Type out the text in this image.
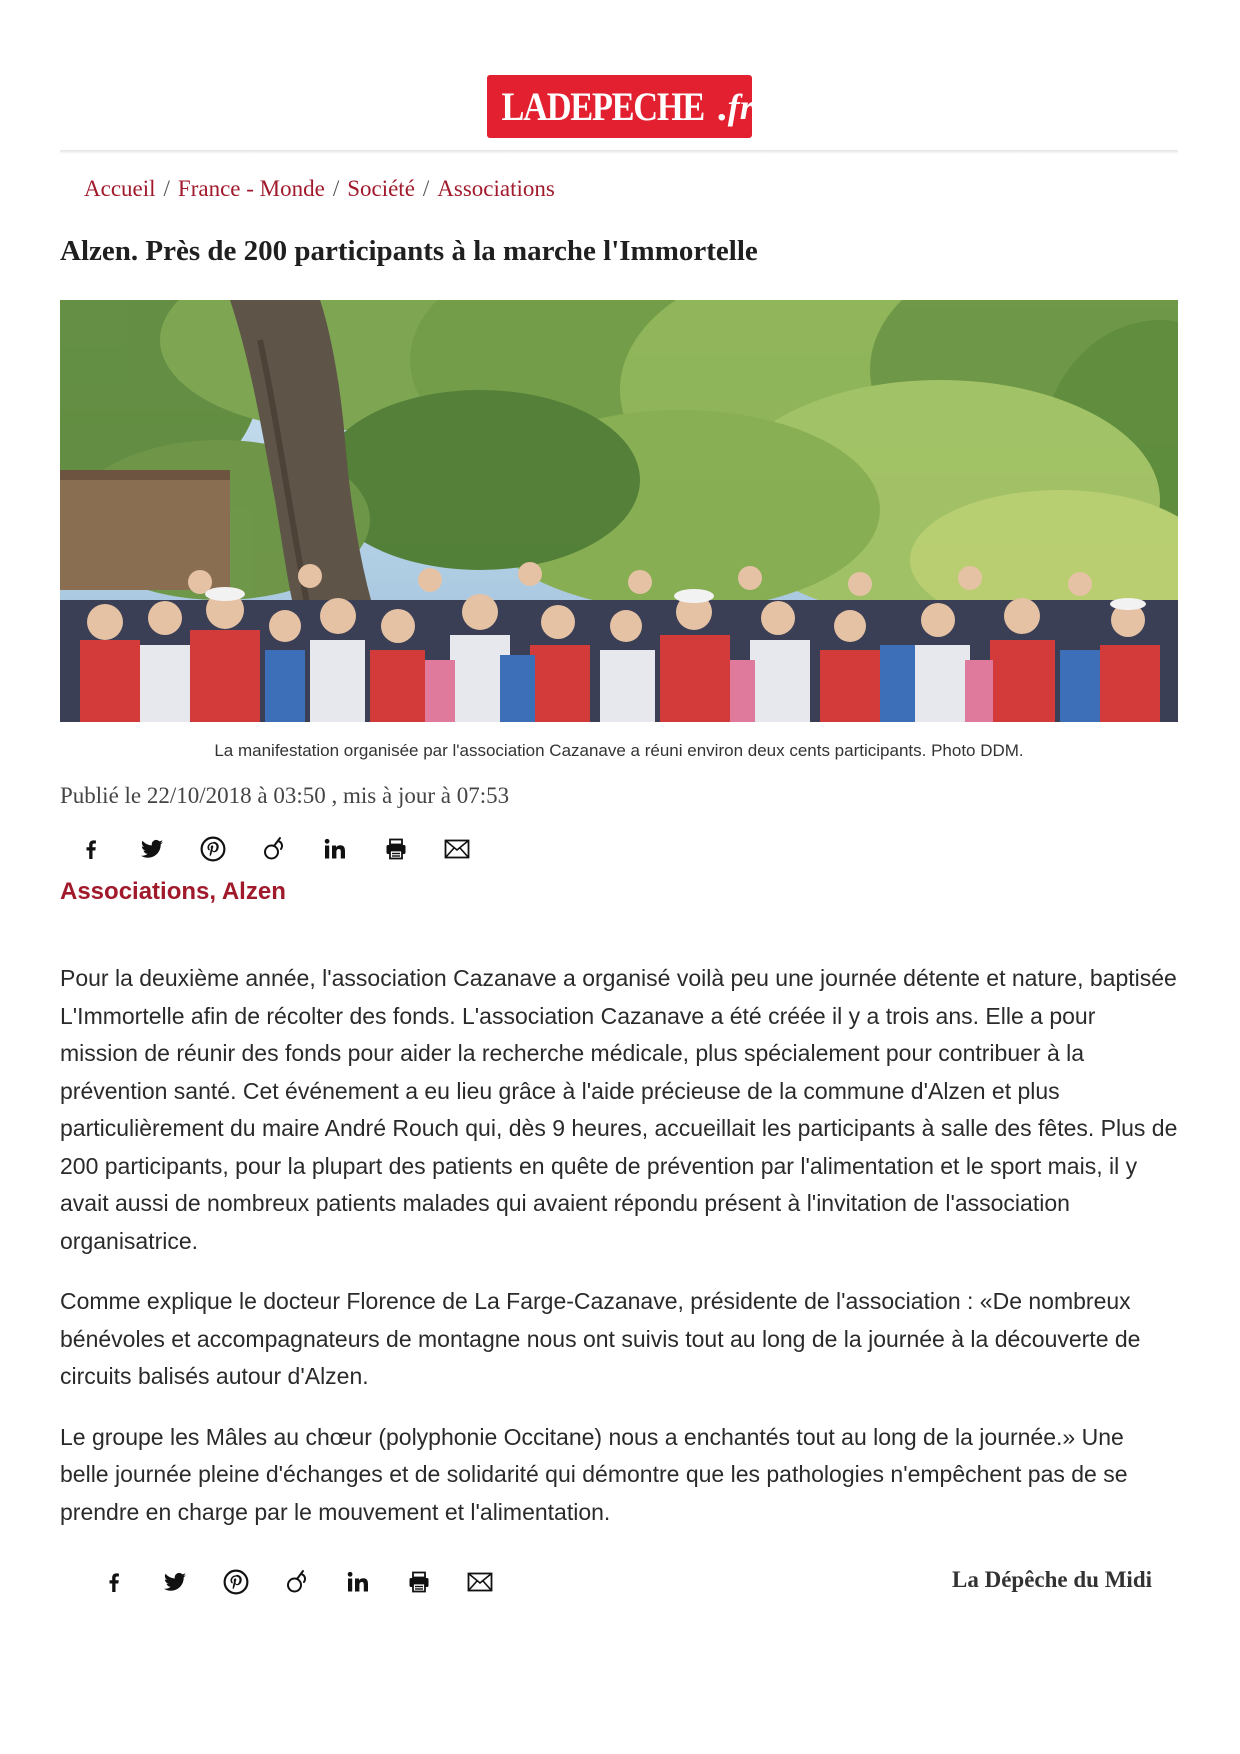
LADEPECHE . fr
Accueil / France - Monde / Société / Associations
Alzen. Près de 200 participants à la marche l'Immortelle

La manifestation organisée par l'association Cazanave a réuni environ deux cents participants. Photo DDM.

Publié le 22/10/2018 à 03:50 , mis à jour à 07:53

Associations, Alzen

Pour la deuxième année, l'association Cazanave a organisé voilà peu une journée détente et nature, baptisée L'Immortelle afin de récolter des fonds. L'association Cazanave a été créée il y a trois ans. Elle a pour mission de réunir des fonds pour aider la recherche médicale, plus spécialement pour contribuer à la prévention santé. Cet événement a eu lieu grâce à l'aide précieuse de la commune d'Alzen et plus particulièrement du maire André Rouch qui, dès 9 heures, accueillait les participants à salle des fêtes. Plus de 200 participants, pour la plupart des patients en quête de prévention par l'alimentation et le sport mais, il y avait aussi de nombreux patients malades qui avaient répondu présent à l'invitation de l'association organisatrice.

Comme explique le docteur Florence de La Farge-Cazanave, présidente de l'association : «De nombreux bénévoles et accompagnateurs de montagne nous ont suivis tout au long de la journée à la découverte de circuits balisés autour d'Alzen.

Le groupe les Mâles au chœur (polyphonie Occitane) nous a enchantés tout au long de la journée.» Une belle journée pleine d'échanges et de solidarité qui démontre que les pathologies n'empêchent pas de se prendre en charge par le mouvement et l'alimentation.

La Dépêche du Midi
